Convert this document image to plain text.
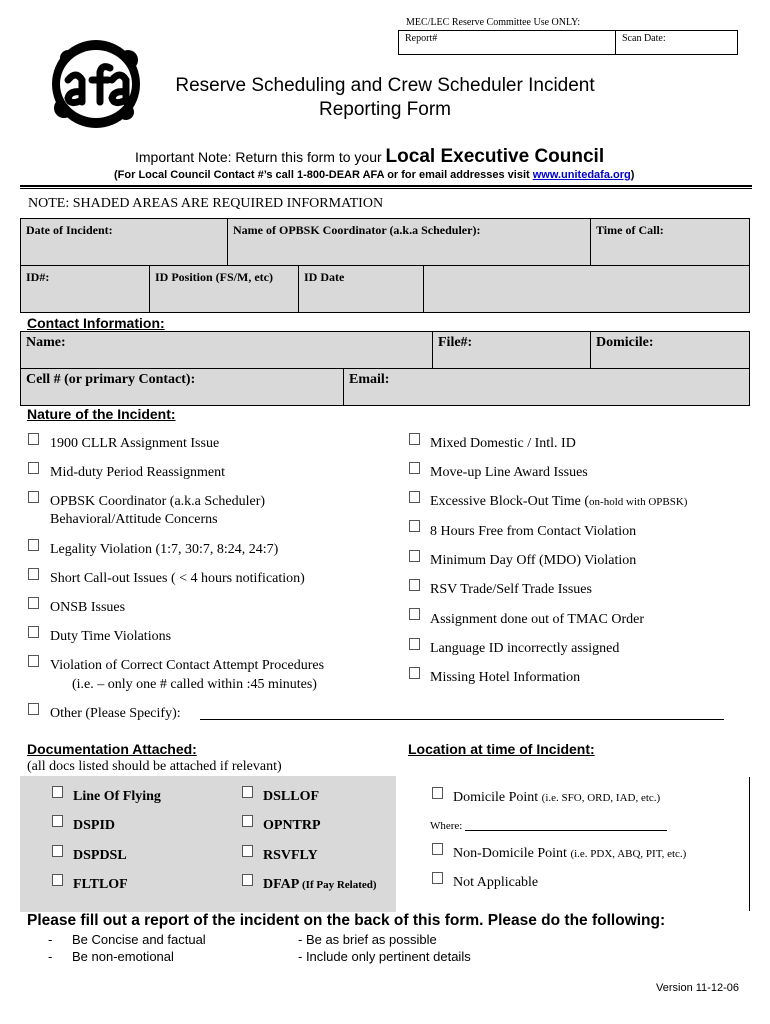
MEC/LEC Reserve Committee Use ONLY:
Report#	Scan Date:
Reserve Scheduling and Crew Scheduler Incident
Reporting Form
Important Note: Return this form to your Local Executive Council
(For Local Council Contact #’s call 1-800-DEAR AFA or for email addresses visit www.unitedafa.org)
NOTE: SHADED AREAS ARE REQUIRED INFORMATION
Date of Incident:	Name of OPBSK Coordinator (a.k.a Scheduler):	Time of Call:
ID#:	ID Position (FS/M, etc)	ID Date
Contact Information:
Name:	File#:	Domicile:
Cell # (or primary Contact):	Email:
Nature of the Incident:
1900 CLLR Assignment Issue
Mid-duty Period Reassignment
OPBSK Coordinator (a.k.a Scheduler)
Behavioral/Attitude Concerns
Legality Violation (1:7, 30:7, 8:24, 24:7)
Short Call-out Issues ( < 4 hours notification)
ONSB Issues
Duty Time Violations
Violation of Correct Contact Attempt Procedures
(i.e. – only one # called within :45 minutes)
Mixed Domestic / Intl. ID
Move-up Line Award Issues
Excessive Block-Out Time (on-hold with OPBSK)
8 Hours Free from Contact Violation
Minimum Day Off (MDO) Violation
RSV Trade/Self Trade Issues
Assignment done out of TMAC Order
Language ID incorrectly assigned
Missing Hotel Information
Other (Please Specify):
Documentation Attached:
(all docs listed should be attached if relevant)
Location at time of Incident:
Line Of Flying
DSPID
DSPDSL
FLTLOF
DSLLOF
OPNTRP
RSVFLY
DFAP (If Pay Related)
Domicile Point (i.e. SFO, ORD, IAD, etc.)
Where:
Non-Domicile Point (i.e. PDX, ABQ, PIT, etc.)
Not Applicable
Please fill out a report of the incident on the back of this form. Please do the following:
- Be Concise and factual
- Be non-emotional
- Be as brief as possible
- Include only pertinent details
Version 11-12-06
